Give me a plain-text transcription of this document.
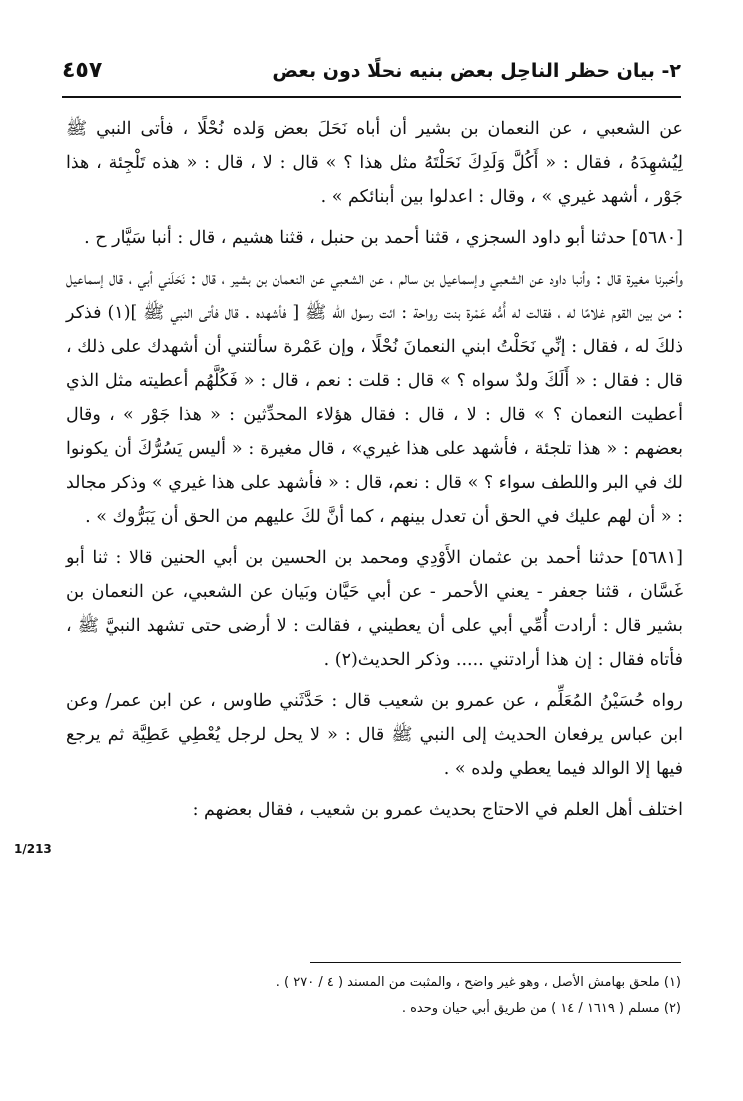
٢- بيان حظر الناحِل بعض بنيه نحلًا دون بعض
٤٥٧

عن الشعبي ، عن النعمان بن بشير أن أباه نَحَلَ بعض وَلده نُحْلًا ، فأتى النبي ﷺ لِيُشهِدَهُ ، فقال : « أَكُلَّ وَلَدِكَ نَحَلْتَهُ مثل هذا ؟ » قال : لا ، قال : « هذه تَلْجِئة ، هذا جَوْر ، أشهد غيري » ، وقال : اعدلوا بين أبنائكم » .

[٥٦٨٠] حدثنا أبو داود السجزي ، قثنا أحمد بن حنبل ، قثنا هشيم ، قال : أنبا سَيَّار ح .

وأخبرنا مغيرة قال : وأنبا داود عن الشعبي وإسماعيل بن سالم ، عن الشعبي عن النعمان بن بشير ، قال : نَحَلَني أبي ، قال إسماعيل : من بين القوم غلامًا له ، فقالت له أُمُّه عَمْرة بنت رواحة : ائت رسول الله ﷺ [ فأشهده . قال فأتى النبي ﷺ ](١) فذكر ذلكَ له ، فقال : إنِّي نَحَلْتُ ابني النعمانَ نُحْلًا ، وإن عَمْرة سألتني أن أشهدك على ذلك ، قال : فقال : « أَلَكَ ولدٌ سواه ؟ » قال : قلت : نعم ، قال : « فَكُلَّهُم أعطيته مثل الذي أعطيت النعمان ؟ » قال : لا ، قال : فقال هؤلاء المحدِّثين : « هذا جَوْر » ، وقال بعضهم : « هذا تلجئة ، فأشهد على هذا غيري» ، قال مغيرة : « أليس يَسُرُّكَ أن يكونوا لك في البر واللطف سواء ؟ » قال : نعم، قال : « فأشهد على هذا غيري » وذكر مجالد : « أن لهم عليك في الحق أن تعدل بينهم ، كما أنَّ لكَ عليهم من الحق أن يَبَرُّوك » .

[٥٦٨١] حدثنا أحمد بن عثمان الأَوْدِي ومحمد بن الحسين بن أبي الحنين قالا : ثنا أبو غَسَّان ، قثنا جعفر - يعني الأحمر - عن أبي حَيَّان وبَيان عن الشعبي، عن النعمان بن بشير قال : أرادت أُمِّي أبي على أن يعطيني ، فقالت : لا أرضى حتى تشهد النبيَّ ﷺ ، فأتاه فقال : إن هذا أرادتني ..... وذكر الحديث(٢) .

رواه حُسَيْنُ المُعَلِّم ، عن عمرو بن شعيب قال : حَدَّثَني طاوس ، عن ابن عمر/ وعن ابن عباس يرفعان الحديث إلى النبي ﷺ قال : « لا يحل لرجل يُعْطِي عَطِيَّة ثم يرجع فيها إلا الوالد فيما يعطي ولده » .

اختلف أهل العلم في الاحتاج بحديث عمرو بن شعيب ، فقال بعضهم :

1/213

(١) ملحق بهامش الأصل ، وهو غير واضح ، والمثبت من المسند ( ٤ / ٢٧٠ ) .

(٢) مسلم ( ١٦١٩ / ١٤ ) من طريق أبي حيان وحده .
